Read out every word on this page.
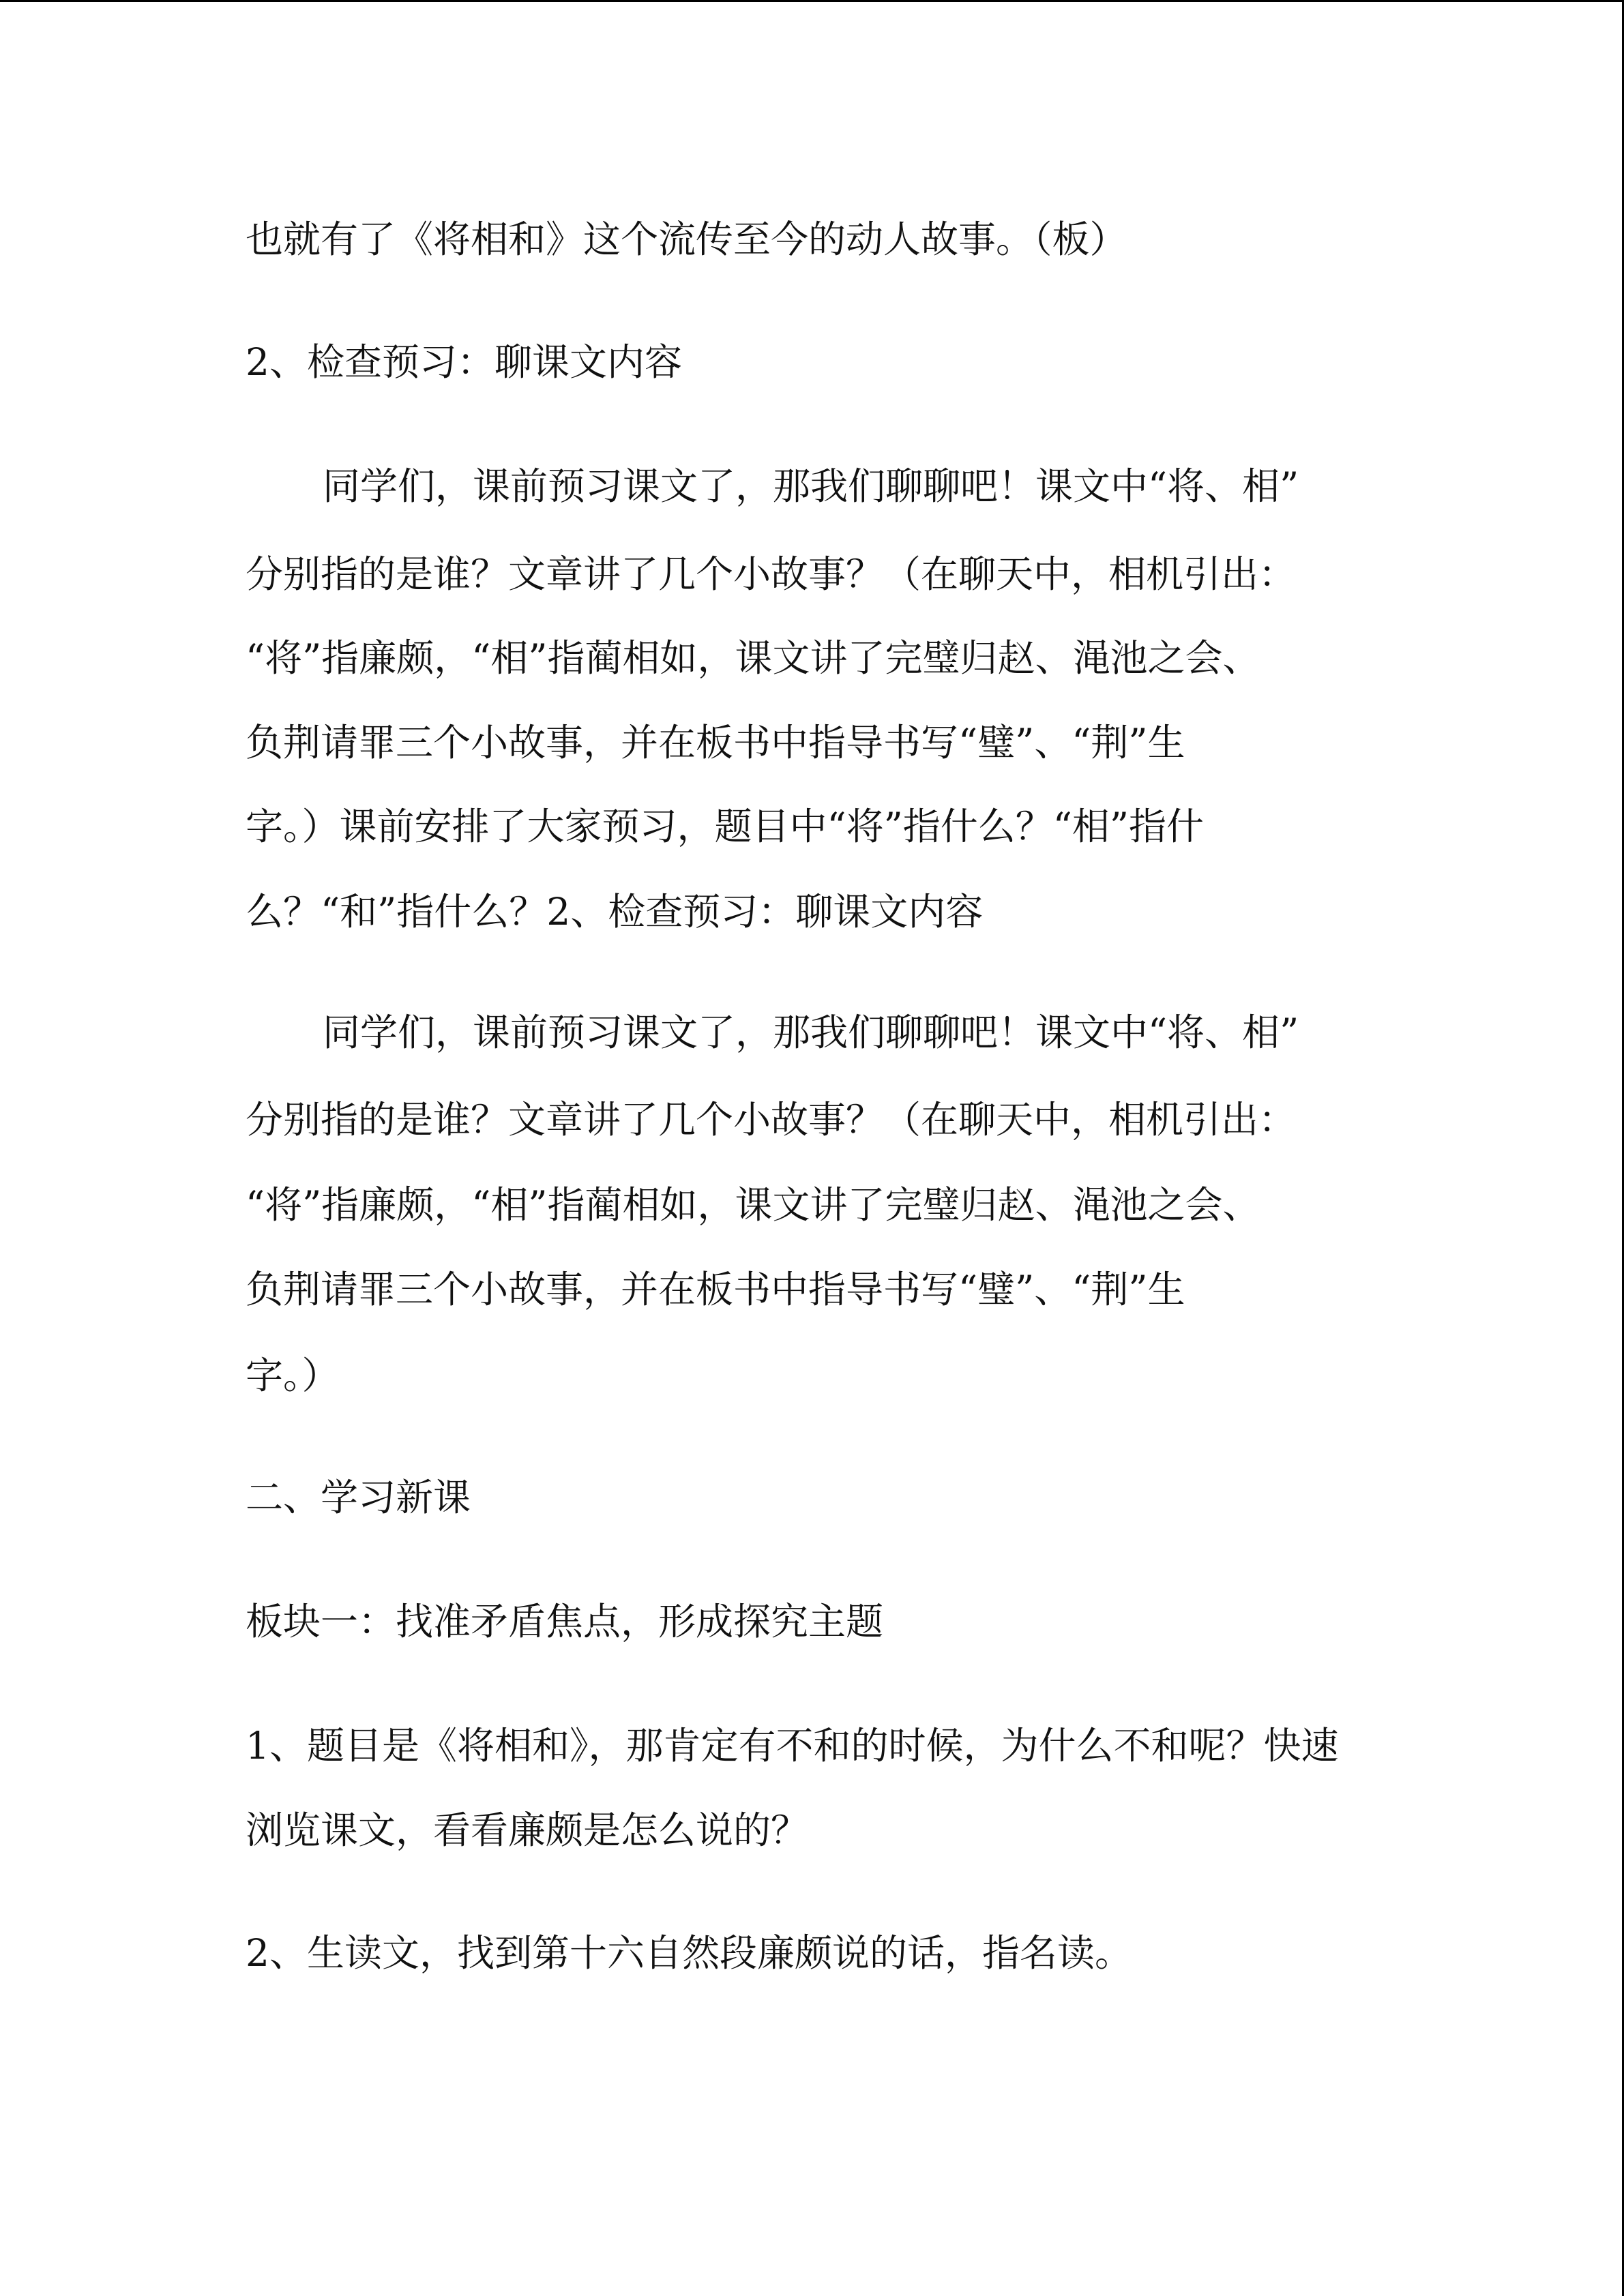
也就有了《将相和》这个流传至今的动人故事。（板）

2、检查预习：聊课文内容

同学们，课前预习课文了，那我们聊聊吧！课文中“将、相”

分别指的是谁？文章讲了几个小故事？（在聊天中，相机引出：

“将”指廉颇，“相”指蔺相如，课文讲了完璧归赵、渑池之会、

负荆请罪三个小故事，并在板书中指导书写“璧”、“荆”生

字。）课前安排了大家预习，题目中“将”指什么？“相”指什

么？“和”指什么？2、检查预习：聊课文内容

同学们，课前预习课文了，那我们聊聊吧！课文中“将、相”

分别指的是谁？文章讲了几个小故事？（在聊天中，相机引出：

“将”指廉颇，“相”指蔺相如，课文讲了完璧归赵、渑池之会、

负荆请罪三个小故事，并在板书中指导书写“璧”、“荆”生

字。）

二、学习新课

板块一：找准矛盾焦点，形成探究主题

1、题目是《将相和》，那肯定有不和的时候，为什么不和呢？快速

浏览课文，看看廉颇是怎么说的？

2、生读文，找到第十六自然段廉颇说的话，指名读。
